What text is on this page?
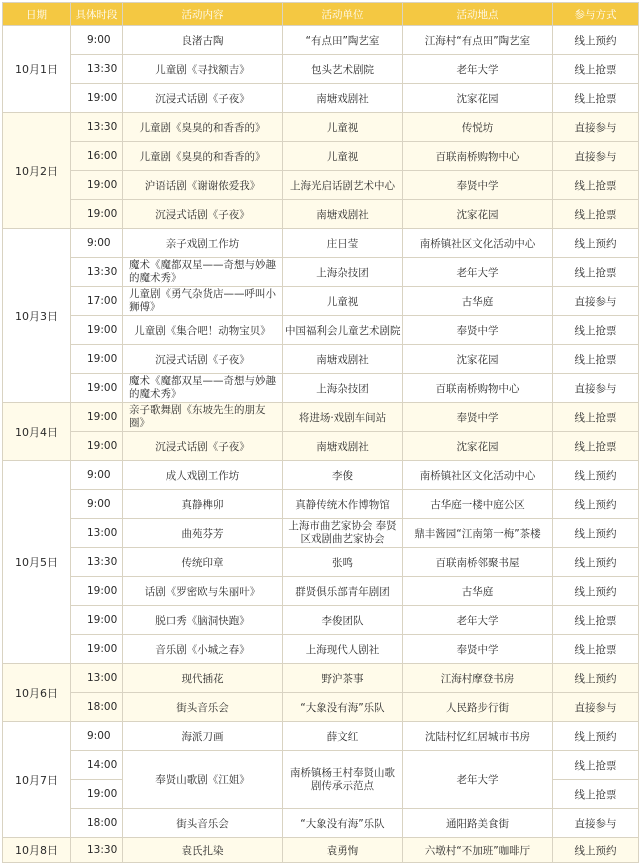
日期	具体时段	活动内容	活动单位	活动地点	参与方式
10月1日	9:00	良渚古陶	“有点田”陶艺室	江海村“有点田”陶艺室	线上预约
	13:30	儿童剧《寻找额吉》	包头艺术剧院	老年大学	线上抢票
	19:00	沉浸式话剧《子夜》	南塘戏剧社	沈家花园	线上抢票
10月2日	13:30	儿童剧《臭臭的和香香的》	儿童视	传悦坊	直接参与
	16:00	儿童剧《臭臭的和香香的》	儿童视	百联南桥购物中心	直接参与
	19:00	沪语话剧《谢谢侬爱我》	上海光启话剧艺术中心	奉贤中学	线上抢票
	19:00	沉浸式话剧《子夜》	南塘戏剧社	沈家花园	线上抢票
10月3日	9:00	亲子戏剧工作坊	庄日莹	南桥镇社区文化活动中心	线上预约
	13:30	魔术《魔都双星——奇想与妙趣的魔术秀》	上海杂技团	老年大学	线上抢票
	17:00	儿童剧《勇气杂货店——呼叫小狮傅》	儿童视	古华庭	直接参与
	19:00	儿童剧《集合吧！动物宝贝》	中国福利会儿童艺术剧院	奉贤中学	线上抢票
	19:00	沉浸式话剧《子夜》	南塘戏剧社	沈家花园	线上抢票
	19:00	魔术《魔都双星——奇想与妙趣的魔术秀》	上海杂技团	百联南桥购物中心	直接参与
10月4日	19:00	亲子歌舞剧《东坡先生的朋友圈》	将进场·戏剧车间站	奉贤中学	线上抢票
	19:00	沉浸式话剧《子夜》	南塘戏剧社	沈家花园	线上抢票
10月5日	9:00	成人戏剧工作坊	李俊	南桥镇社区文化活动中心	线上预约
	9:00	真静榫卯	真静传统木作博物馆	古华庭一楼中庭公区	线上预约
	13:00	曲苑芬芳	上海市曲艺家协会 奉贤区戏剧曲艺家协会	鼎丰酱园“江南第一梅”茶楼	线上预约
	13:30	传统印章	张鸣	百联南桥邻聚书屋	线上预约
	19:00	话剧《罗密欧与朱丽叶》	群贤俱乐部青年剧团	古华庭	线上预约
	19:00	脱口秀《脑洞快跑》	李俊团队	老年大学	线上抢票
	19:00	音乐剧《小城之春》	上海现代人剧社	奉贤中学	线上抢票
10月6日	13:00	现代插花	野沪茶事	江海村摩登书房	线上预约
	18:00	街头音乐会	“大象没有海”乐队	人民路步行街	直接参与
10月7日	9:00	海派刀画	薛文红	沈陆村忆红居城市书房	线上预约
	14:00	奉贤山歌剧《江姐》	南桥镇杨王村奉贤山歌剧传承示范点	老年大学	线上抢票
	19:00				线上抢票
	18:00	街头音乐会	“大象没有海”乐队	通阳路美食街	直接参与
10月8日	13:30	袁氏扎染	袁勇恂	六墩村“不加班”咖啡厅	线上预约
